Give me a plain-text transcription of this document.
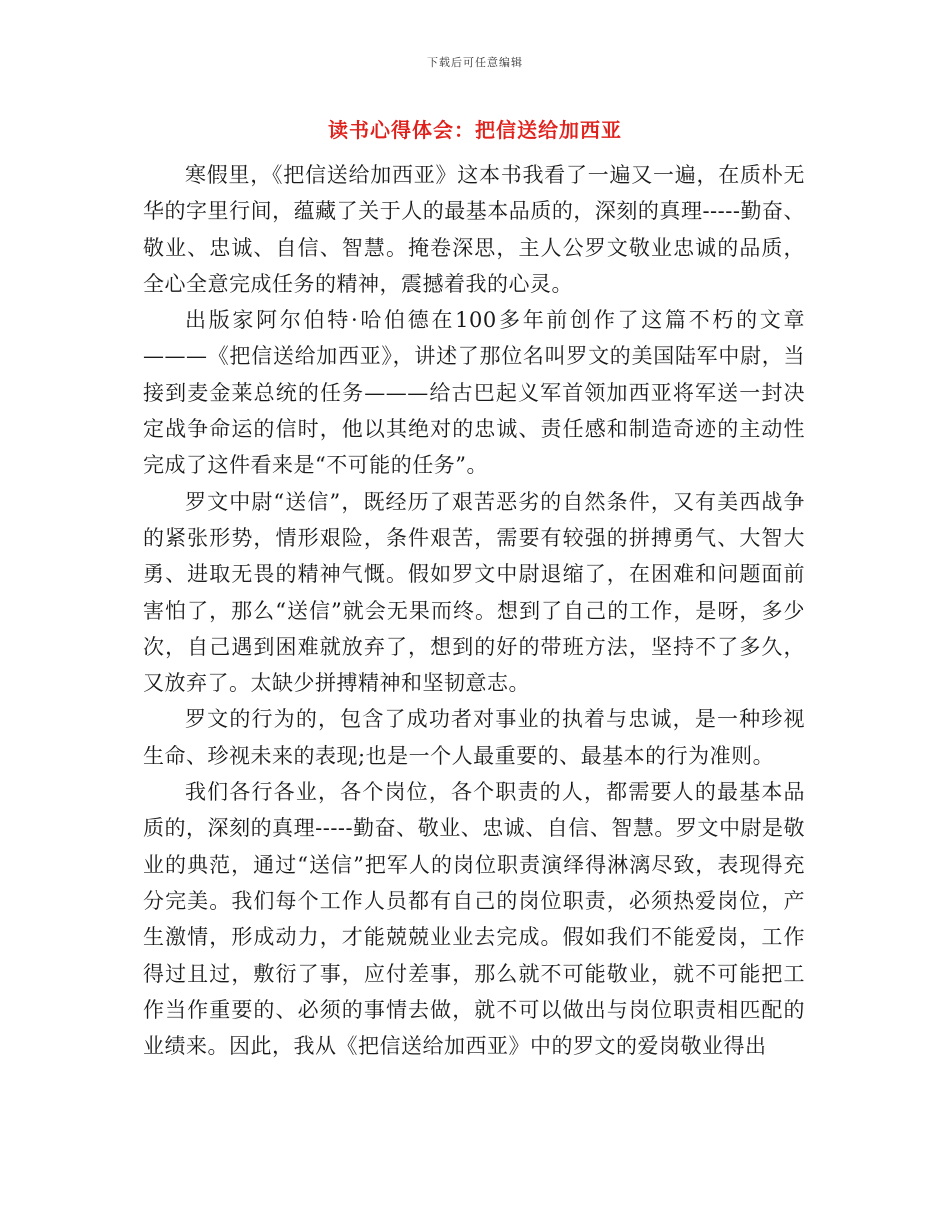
下载后可任意编辑
读书心得体会：把信送给加西亚

寒假里，《把信送给加西亚》这本书我看了一遍又一遍，在质朴无华的字里行间，蕴藏了关于人的最基本品质的，深刻的真理-----勤奋、敬业、忠诚、自信、智慧。掩卷深思，主人公罗文敬业忠诚的品质，全心全意完成任务的精神，震撼着我的心灵。

出版家阿尔伯特·哈伯德在100多年前创作了这篇不朽的文章———《把信送给加西亚》，讲述了那位名叫罗文的美国陆军中尉，当接到麦金莱总统的任务———给古巴起义军首领加西亚将军送一封决定战争命运的信时，他以其绝对的忠诚、责任感和制造奇迹的主动性完成了这件看来是“不可能的任务”。

罗文中尉“送信”，既经历了艰苦恶劣的自然条件，又有美西战争的紧张形势，情形艰险，条件艰苦，需要有较强的拼搏勇气、大智大勇、进取无畏的精神气慨。假如罗文中尉退缩了，在困难和问题面前害怕了，那么“送信”就会无果而终。想到了自己的工作，是呀，多少次，自己遇到困难就放弃了，想到的好的带班方法，坚持不了多久，又放弃了。太缺少拼搏精神和坚韧意志。

罗文的行为的，包含了成功者对事业的执着与忠诚，是一种珍视生命、珍视未来的表现;也是一个人最重要的、最基本的行为准则。

我们各行各业，各个岗位，各个职责的人，都需要人的最基本品质的，深刻的真理-----勤奋、敬业、忠诚、自信、智慧。罗文中尉是敬业的典范，通过“送信”把军人的岗位职责演绎得淋漓尽致，表现得充分完美。我们每个工作人员都有自己的岗位职责，必须热爱岗位，产生激情，形成动力，才能兢兢业业去完成。假如我们不能爱岗，工作得过且过，敷衍了事，应付差事，那么就不可能敬业，就不可能把工作当作重要的、必须的事情去做，就不可以做出与岗位职责相匹配的业绩来。因此，我从《把信送给加西亚》中的罗文的爱岗敬业得出
